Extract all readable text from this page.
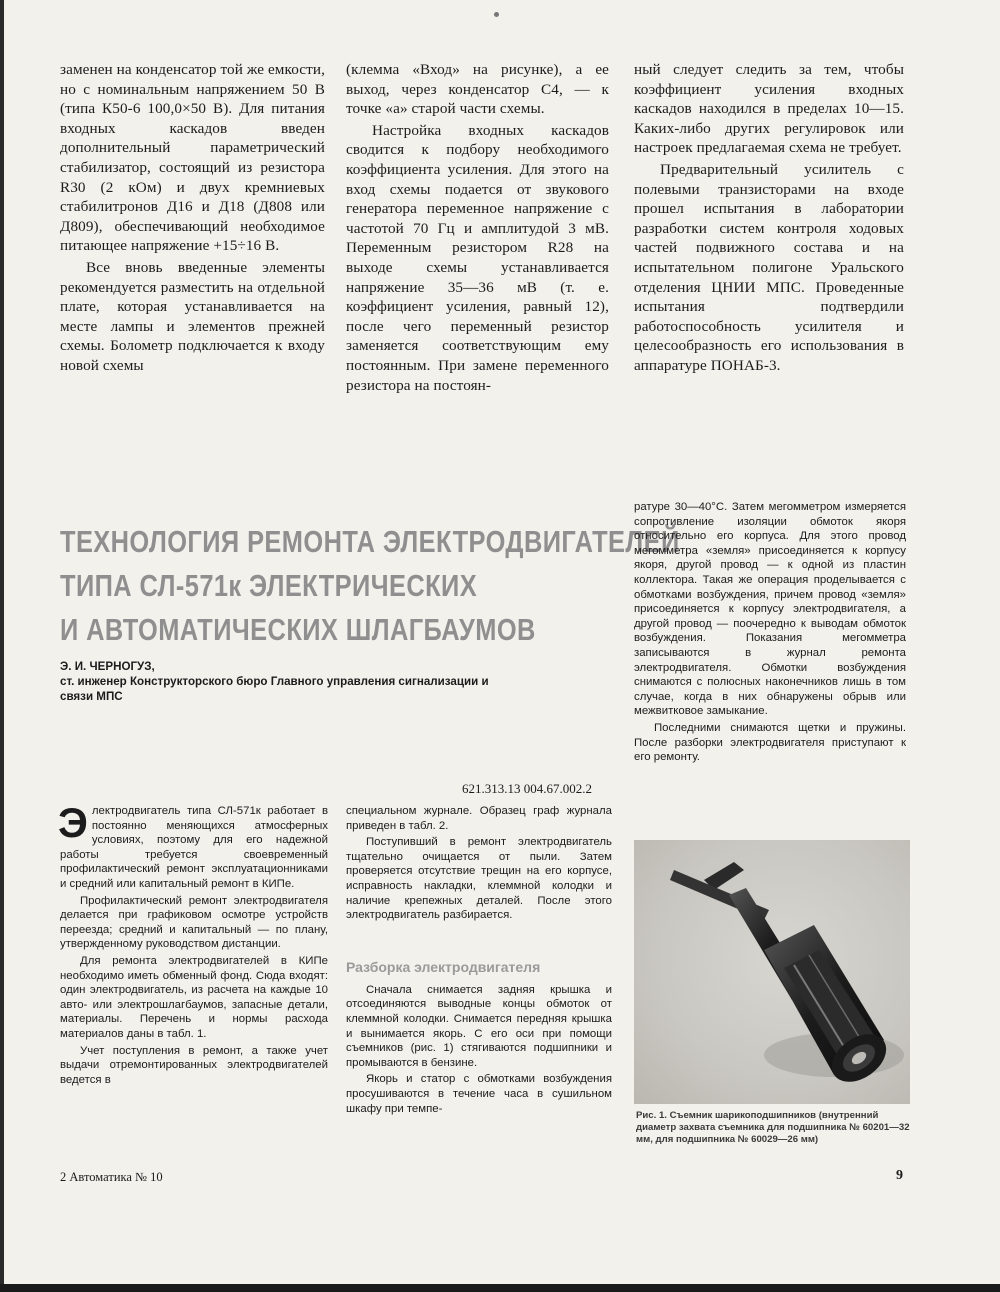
заменен на конденсатор той же емкости, но с номинальным напряжением 50 В (типа К50-6 100,0×50 В). Для питания входных каскадов введен дополнительный параметрический стабилизатор, состоящий из резистора R30 (2 кОм) и двух кремниевых стабилитронов Д16 и Д18 (Д808 или Д809), обеспечивающий необходимое питающее напряжение +15÷16 В.

Все вновь введенные элементы рекомендуется разместить на отдельной плате, которая устанавливается на месте лампы и элементов прежней схемы. Болометр подключается к входу новой схемы

(клемма «Вход» на рисунке), а ее выход, через конденсатор С4, — к точке «а» старой части схемы.

Настройка входных каскадов сводится к подбору необходимого коэффициента усиления. Для этого на вход схемы подается от звукового генератора переменное напряжение с частотой 70 Гц и амплитудой 3 мВ. Переменным резистором R28 на выходе схемы устанавливается напряжение 35—36 мВ (т. е. коэффициент усиления, равный 12), после чего переменный резистор заменяется соответствующим ему постоянным. При замене переменного резистора на постоян-

ный следует следить за тем, чтобы коэффициент усиления входных каскадов находился в пределах 10—15. Каких-либо других регулировок или настроек предлагаемая схема не требует.

Предварительный усилитель с полевыми транзисторами на входе прошел испытания в лаборатории разработки систем контроля ходовых частей подвижного состава и на испытательном полигоне Уральского отделения ЦНИИ МПС. Проведенные испытания подтвердили работоспособность усилителя и целесообразность его использования в аппаратуре ПОНАБ-3.

ТЕХНОЛОГИЯ РЕМОНТА ЭЛЕКТРОДВИГАТЕЛЕЙ
ТИПА СЛ-571к ЭЛЕКТРИЧЕСКИХ
И АВТОМАТИЧЕСКИХ ШЛАГБАУМОВ
Э. И. ЧЕРНОГУЗ,
ст. инженер Конструкторского бюро Главного управления сигнализации и связи МПС
621.313.13 004.67.002.2

Электродвигатель типа СЛ-571к работает в постоянно меняющихся атмосферных условиях, поэтому для его надежной работы требуется своевременный профилактический ремонт эксплуатационниками и средний или капитальный ремонт в КИПе.

Профилактический ремонт электродвигателя делается при графиковом осмотре устройств переезда; средний и капитальный — по плану, утвержденному руководством дистанции.

Для ремонта электродвигателей в КИПе необходимо иметь обменный фонд. Сюда входят: один электродвигатель, из расчета на каждые 10 авто- или электрошлагбаумов, запасные детали, материалы. Перечень и нормы расхода материалов даны в табл. 1.

Учет поступления в ремонт, а также учет выдачи отремонтированных электродвигателей ведется в

специальном журнале. Образец граф журнала приведен в табл. 2.

Поступивший в ремонт электродвигатель тщательно очищается от пыли. Затем проверяется отсутствие трещин на его корпусе, исправность накладки, клеммной колодки и наличие крепежных деталей. После этого электродвигатель разбирается.

Разборка электродвигателя

Сначала снимается задняя крышка и отсоединяются выводные концы обмоток от клеммной колодки. Снимается передняя крышка и вынимается якорь. С его оси при помощи съемников (рис. 1) стягиваются подшипники и промываются в бензине.

Якорь и статор с обмотками возбуждения просушиваются в течение часа в сушильном шкафу при темпе-

ратуре 30—40°С. Затем мегомметром измеряется сопротивление изоляции обмоток якоря относительно его корпуса. Для этого провод мегомметра «земля» присоединяется к корпусу якоря, другой провод — к одной из пластин коллектора. Такая же операция проделывается с обмотками возбуждения, причем провод «земля» присоединяется к корпусу электродвигателя, а другой провод — поочередно к выводам обмоток возбуждения. Показания мегомметра записываются в журнал ремонта электродвигателя. Обмотки возбуждения снимаются с полюсных наконечников лишь в том случае, когда в них обнаружены обрыв или межвитковое замыкание.

Последними снимаются щетки и пружины. После разборки электродвигателя приступают к его ремонту.

Рис. 1. Съемник шарикоподшипников (внутренний диаметр захвата съемника для подшипника № 60201—32 мм, для подшипника № 60029—26 мм)
2 Автоматика № 10	9
